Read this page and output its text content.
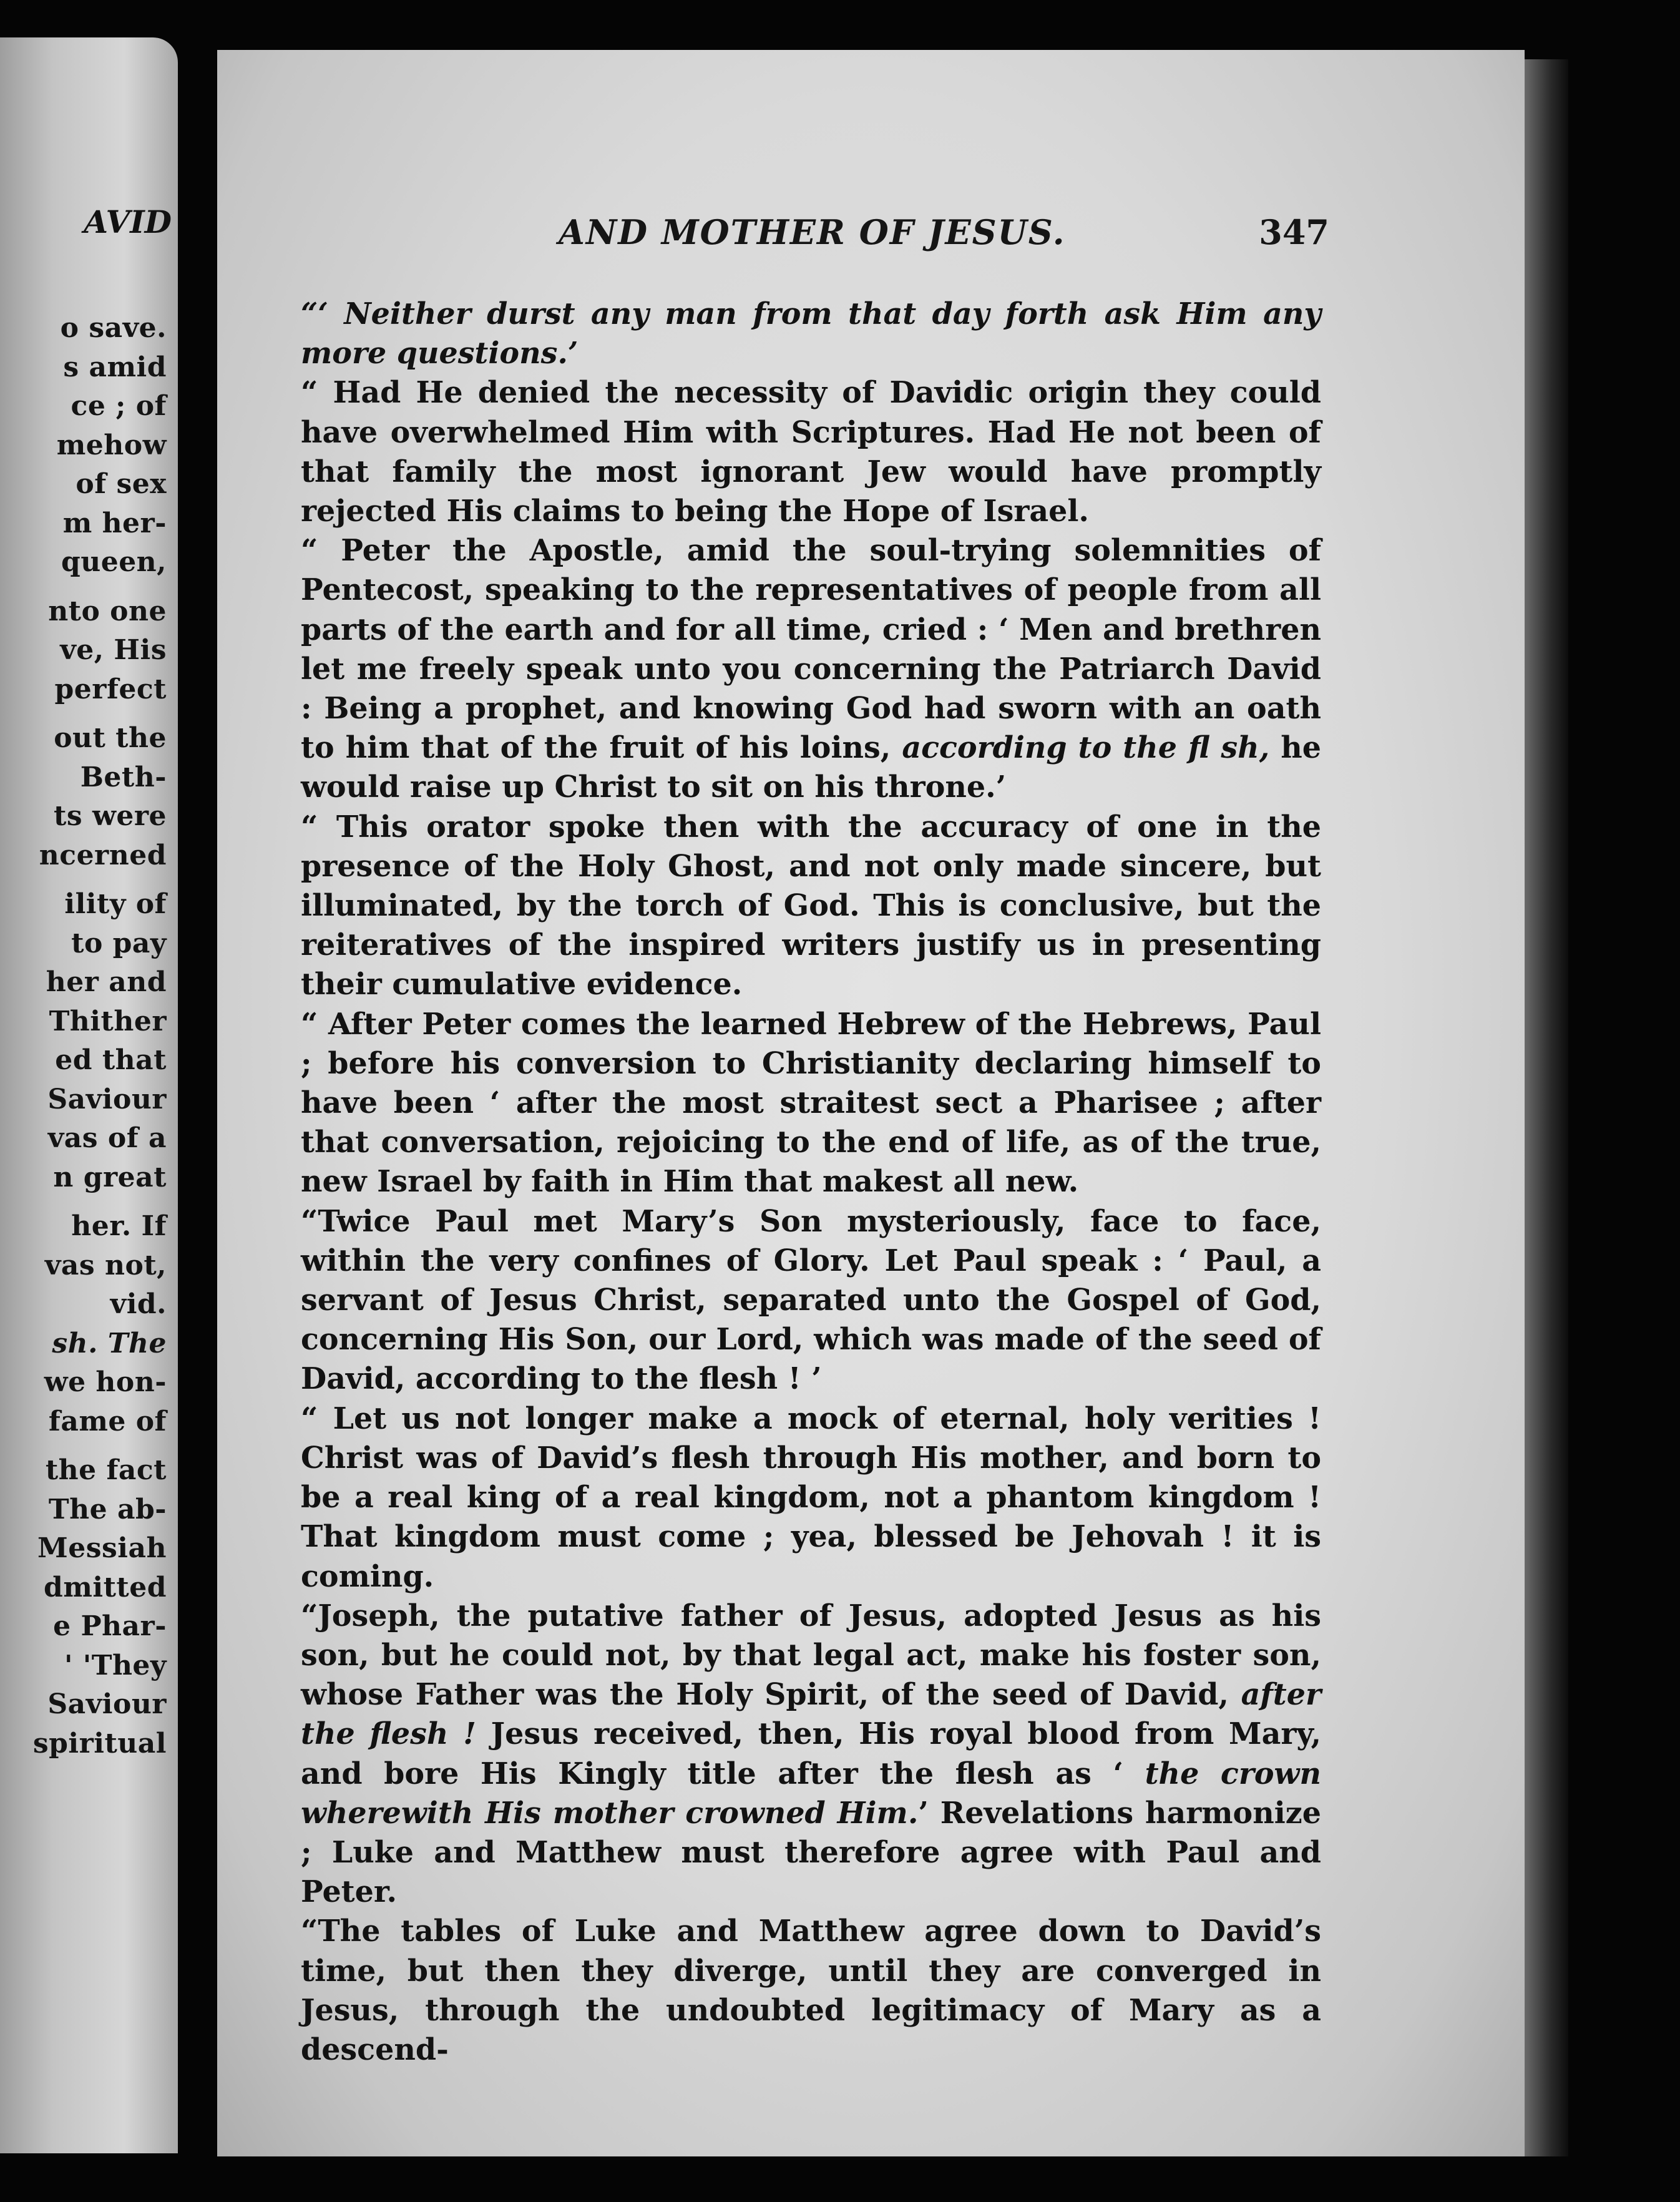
AVID
o save.
s amid
ce ; of
mehow
of sex
m her-
queen,
nto one
ve, His
perfect
out the
Beth-
ts were
ncerned
ility of
to pay
her and
Thither
ed that
Saviour
vas of a
n great
her. If
vas not,
vid.
sh. The
we hon-
fame of
the fact
The ab-
Messiah
dmitted
e Phar-
' 'They
Saviour
spiritual
AND MOTHER OF JESUS.	347

“‘ Neither durst any man from that day forth ask Him any more questions.’

“ Had He denied the necessity of Davidic origin they could have overwhelmed Him with Scriptures. Had He not been of that family the most ignorant Jew would have promptly rejected His claims to being the Hope of Israel.

“ Peter the Apostle, amid the soul-trying solemnities of Pentecost, speaking to the representatives of people from all parts of the earth and for all time, cried : ‘ Men and brethren let me freely speak unto you concerning the Patriarch David : Being a prophet, and knowing God had sworn with an oath to him that of the fruit of his loins, according to the fl sh, he would raise up Christ to sit on his throne.’

“ This orator spoke then with the accuracy of one in the presence of the Holy Ghost, and not only made sincere, but illuminated, by the torch of God. This is conclusive, but the reiteratives of the inspired writers justify us in presenting their cumulative evidence.

“ After Peter comes the learned Hebrew of the Hebrews, Paul ; before his conversion to Christianity declaring himself to have been ‘ after the most straitest sect a Pharisee ; after that conversation, rejoicing to the end of life, as of the true, new Israel by faith in Him that makest all new.

“Twice Paul met Mary’s Son mysteriously, face to face, within the very confines of Glory. Let Paul speak : ‘ Paul, a servant of Jesus Christ, separated unto the Gospel of God, concerning His Son, our Lord, which was made of the seed of David, according to the flesh ! ’

“ Let us not longer make a mock of eternal, holy verities ! Christ was of David’s flesh through His mother, and born to be a real king of a real kingdom, not a phantom kingdom ! That kingdom must come ; yea, blessed be Jehovah ! it is coming.

“Joseph, the putative father of Jesus, adopted Jesus as his son, but he could not, by that legal act, make his foster son, whose Father was the Holy Spirit, of the seed of David, after the flesh ! Jesus received, then, His royal blood from Mary, and bore His Kingly title after the flesh as ‘ the crown wherewith His mother crowned Him.’ Revelations harmonize ; Luke and Matthew must therefore agree with Paul and Peter.

“The tables of Luke and Matthew agree down to David’s time, but then they diverge, until they are converged in Jesus, through the undoubted legitimacy of Mary as a descend-
